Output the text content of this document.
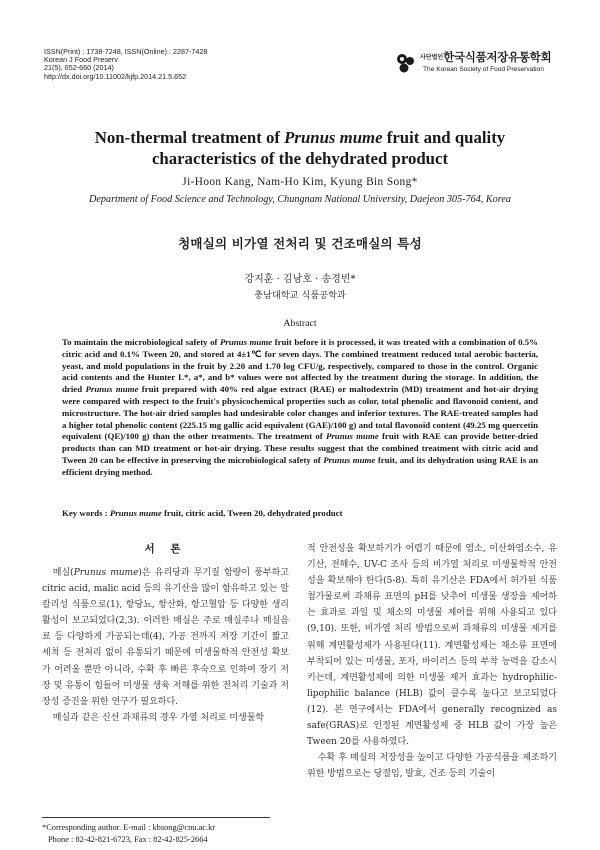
ISSN(Print) : 1738-7248, ISSN(Online) : 2287-7428
Korean J Food Preserv
21(5), 652-660 (2014)
http://dx.doi.org/10.11002/kjfp.2014.21.5.652
사단법인한국식품저장유통학회
The Korean Society of Food Preservation
Non-thermal treatment of Prunus mume fruit and quality
characteristics of the dehydrated product
Ji-Hoon Kang, Nam-Ho Kim, Kyung Bin Song*
Department of Food Science and Technology, Chungnam National University, Daejeon 305-764, Korea
청매실의 비가열 전처리 및 건조매실의 특성
강지훈 · 김남호 · 송경빈*
충남대학교 식품공학과
Abstract
To maintain the microbiological safety of Prunus mume fruit before it is processed, it was treated with a combination of 0.5% citric acid and 0.1% Tween 20, and stored at 4±1℃ for seven days. The combined treatment reduced total aerobic bacteria, yeast, and mold populations in the fruit by 2.20 and 1.70 log CFU/g, respectively, compared to those in the control. Organic acid contents and the Hunter L*, a*, and b* values were not affected by the treatment during the storage. In addition, the dried Prunus mume fruit prepared with 40% red algae extract (RAE) or maltodextrin (MD) treatment and hot-air drying were compared with respect to the fruit's physicochemical properties such as color, total phenolic and flavonoid content, and microstructure. The hot-air dried samples had undesirable color changes and inferior textures. The RAE-treated samples had a higher total phenolic content (225.15 mg gallic acid equivalent (GAE)/100 g) and total flavonoid content (49.25 mg quercetin equivalent (QE)/100 g) than the other treatments. The treatment of Prunus mume fruit with RAE can provide better-dried products than can MD treatment or hot-air drying. These results suggest that the combined treatment with citric acid and Tween 20 can be effective in preserving the microbiological safety of Prunus mume fruit, and its dehydration using RAE is an efficient drying method.
Key words : Prunus mume fruit, citric acid, Tween 20, dehydrated product
서 론

매실(Prunus mume)은 유리당과 무기질 함량이 풍부하고 citric acid, malic acid 등의 유기산을 많이 함유하고 있는 알칼리성 식품으로(1), 항당뇨, 항산화, 항고혈압 등 다양한 생리활성이 보고되었다(2,3). 이러한 매실은 주로 매실주나 매실음료 등 다양하게 가공되는데(4), 가공 전까지 저장 기간이 짧고 세척 등 전처리 없이 유통되기 때문에 미생물학적 안전성 확보가 어려울 뿐만 아니라, 수확 후 빠른 후숙으로 인하여 장기 저장 및 유통이 힘들어 미생물 생육 저해를 위한 전처리 기술과 저장성 증진을 위한 연구가 필요하다.

매실과 같은 신선 과채류의 경우 가열 처리로 미생물학

적 안전성을 확보하기가 어렵기 때문에 염소, 이산화염소수, 유기산, 전해수, UV-C 조사 등의 비가열 처리로 미생물학적 안전성을 확보해야 한다(5-8). 특히 유기산은 FDA에서 허가된 식품첨가물로써 과채류 표면의 pH를 낮추어 미생물 생장을 제어하는 효과로 과일 및 채소의 미생물 제어를 위해 사용되고 있다(9,10). 또한, 비가열 처리 방법으로써 과채류의 미생물 제거를 위해 계면활성제가 사용된다(11). 계면활성제는 채소류 표면에 부착되어 있는 미생물, 포자, 바이러스 등의 부착 능력을 감소시키는데, 계면활성제에 의한 미생물 제거 효과는 hydrophilic-lipophilic balance (HLB) 값이 클수록 높다고 보고되었다(12). 본 연구에서는 FDA에서 generally recognized as safe(GRAS)로 인정된 계면활성제 중 HLB 값이 가장 높은 Tween 20를 사용하였다.

수확 후 매실의 저장성을 높이고 다양한 가공식품을 제조하기 위한 방법으로는 당절임, 발효, 건조 등의 기술이

*Corresponding author. E-mail : kbsong@cnu.ac.kr
Phone : 82-42-821-6723, Fax : 82-42-825-2664
